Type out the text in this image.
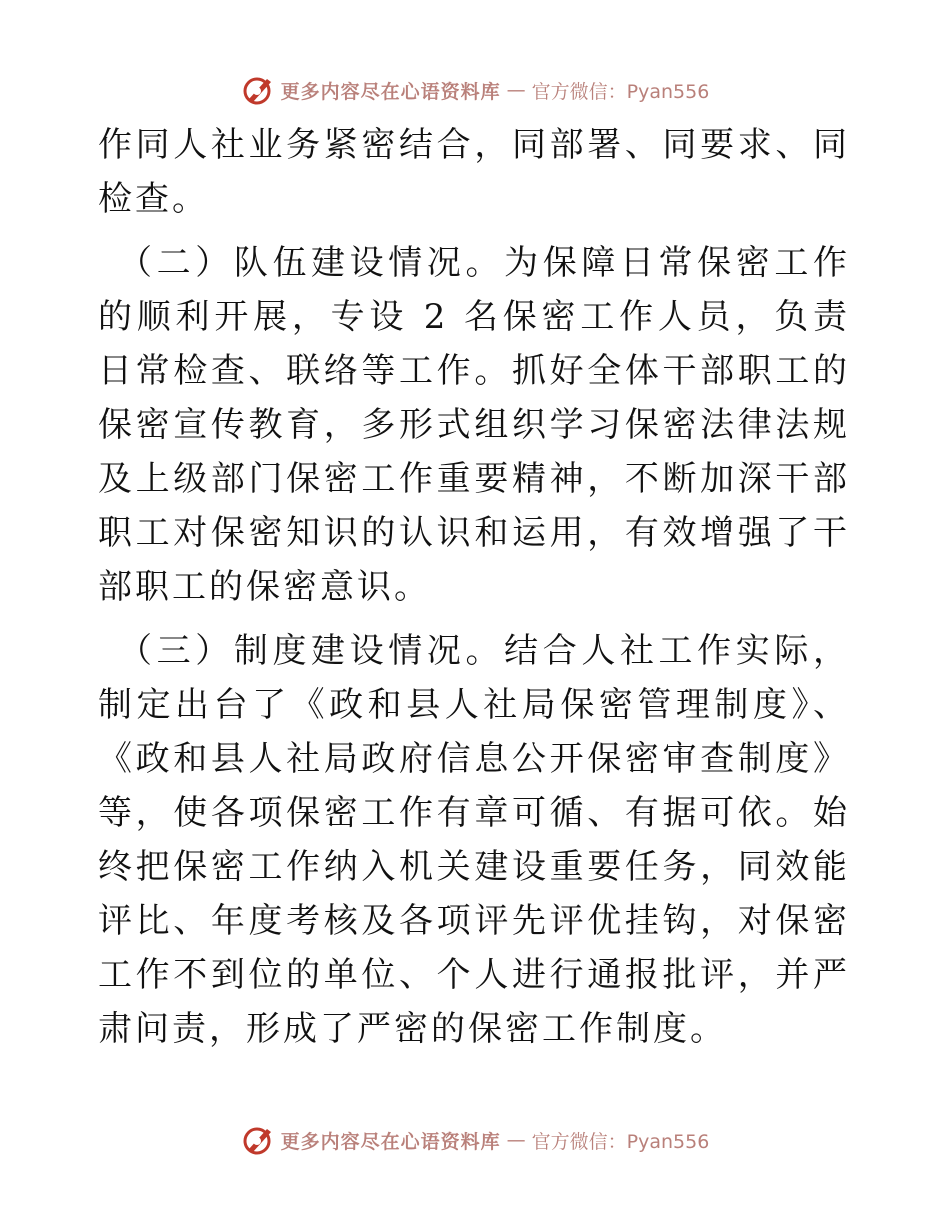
更多内容尽在心语资料库 — 官方微信：Pyan556

作同人社业务紧密结合，同部署、同要求、同检查。

（二）队伍建设情况。为保障日常保密工作的顺利开展，专设 2 名保密工作人员，负责日常检查、联络等工作。抓好全体干部职工的保密宣传教育，多形式组织学习保密法律法规及上级部门保密工作重要精神，不断加深干部职工对保密知识的认识和运用，有效增强了干部职工的保密意识。

（三）制度建设情况。结合人社工作实际，制定出台了《政和县人社局保密管理制度》、《政和县人社局政府信息公开保密审查制度》等，使各项保密工作有章可循、有据可依。始终把保密工作纳入机关建设重要任务，同效能评比、年度考核及各项评先评优挂钩，对保密工作不到位的单位、个人进行通报批评，并严肃问责，形成了严密的保密工作制度。

更多内容尽在心语资料库 — 官方微信：Pyan556
